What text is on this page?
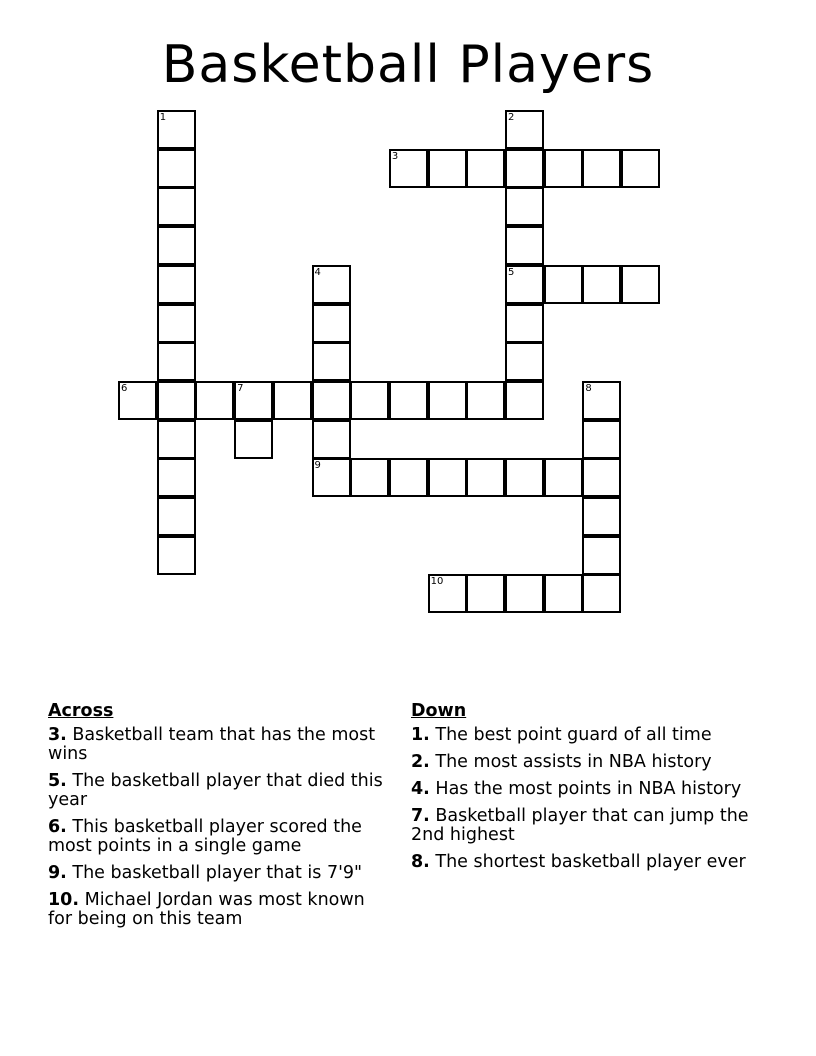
Basketball Players
1	2
3
4	5
6	7	8
9
10
Across
3. Basketball team that has the most wins
5. The basketball player that died this year
6. This basketball player scored the most points in a single game
9. The basketball player that is 7'9"
10. Michael Jordan was most known for being on this team
Down
1. The best point guard of all time
2. The most assists in NBA history
4. Has the most points in NBA history
7. Basketball player that can jump the 2nd highest
8. The shortest basketball player ever
